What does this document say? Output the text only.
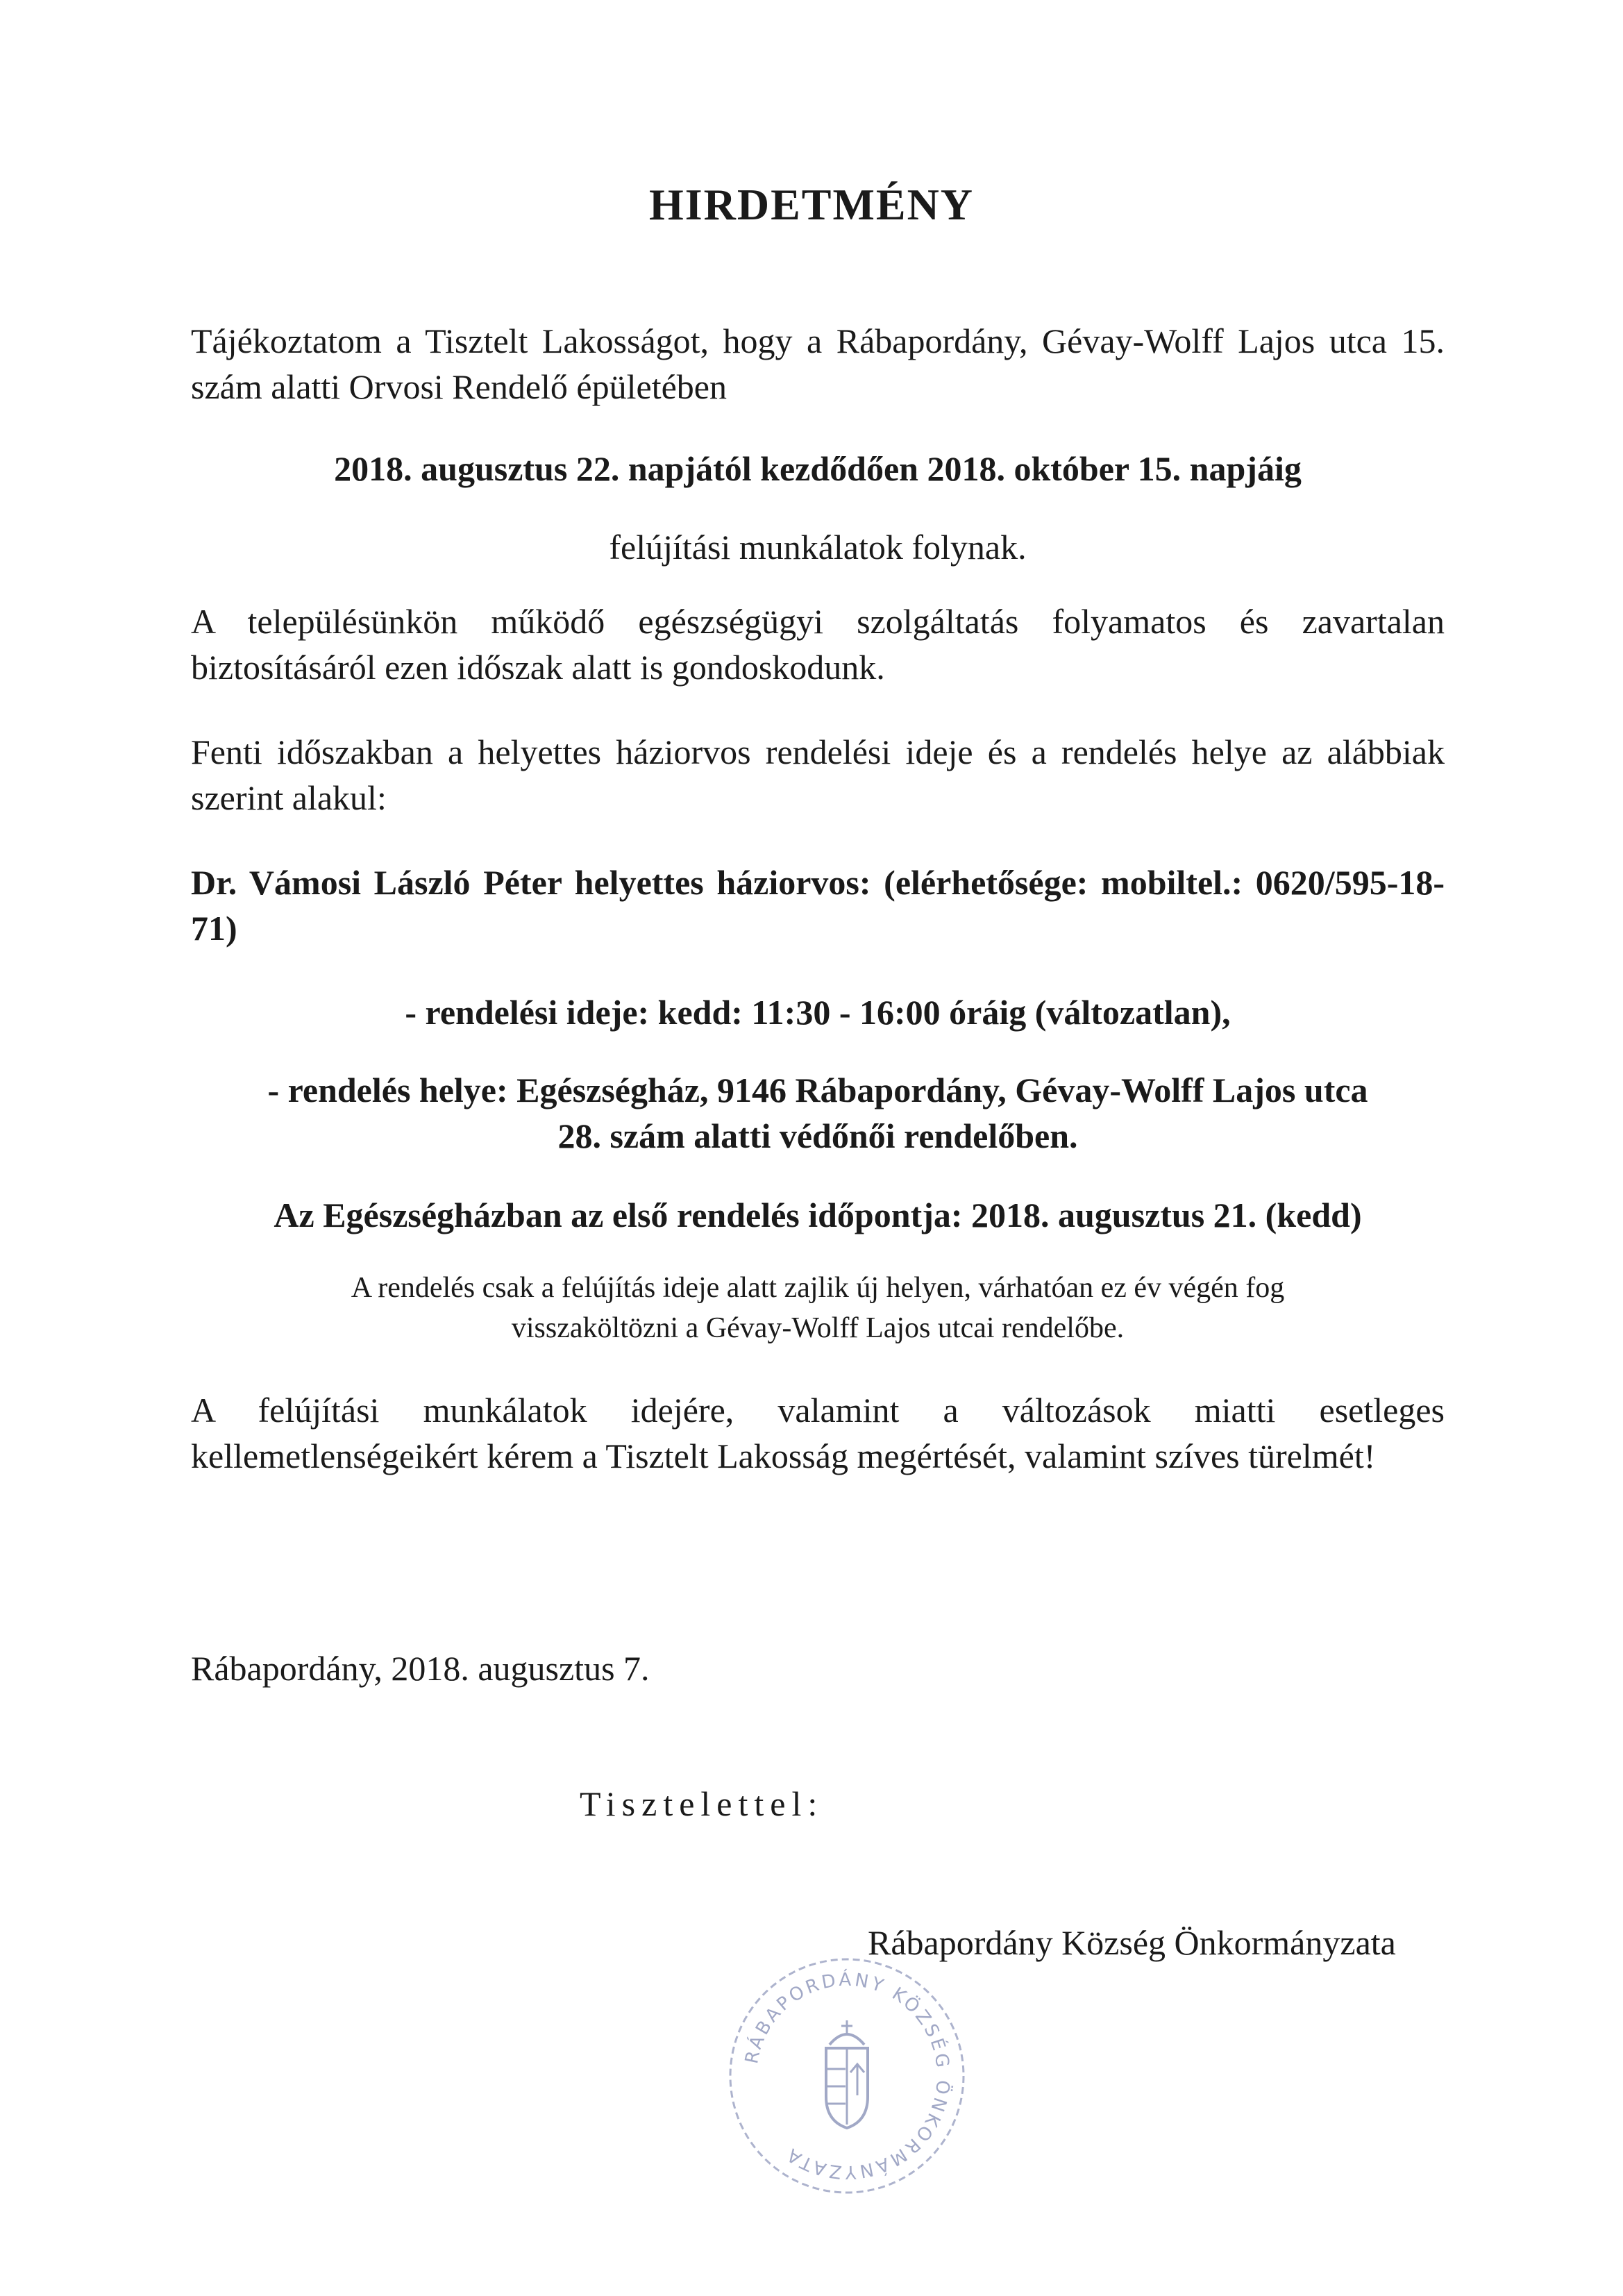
HIRDETMÉNY

Tájékoztatom a Tisztelt Lakosságot, hogy a Rábapordány, Gévay-Wolff Lajos utca 15. szám alatti Orvosi Rendelő épületében

2018. augusztus 22. napjától kezdődően 2018. október 15. napjáig

felújítási munkálatok folynak.

A településünkön működő egészségügyi szolgáltatás folyamatos és zavartalan biztosításáról ezen időszak alatt is gondoskodunk.

Fenti időszakban a helyettes háziorvos rendelési ideje és a rendelés helye az alábbiak szerint alakul:

Dr. Vámosi László Péter helyettes háziorvos: (elérhetősége: mobiltel.: 0620/595-18-71)

- rendelési ideje: kedd: 11:30 - 16:00 óráig (változatlan),

- rendelés helye: Egészségház, 9146 Rábapordány, Gévay-Wolff Lajos utca

28. szám alatti védőnői rendelőben.

Az Egészségházban az első rendelés időpontja: 2018. augusztus 21. (kedd)

A rendelés csak a felújítás ideje alatt zajlik új helyen, várhatóan ez év végén fog

visszaköltözni a Gévay-Wolff Lajos utcai rendelőbe.

A felújítási munkálatok idejére, valamint a változások miatti esetleges kellemetlenségeikért kérem a Tisztelt Lakosság megértését, valamint szíves türelmét!

Rábapordány, 2018. augusztus 7.

Tisztelettel:

Rábapordány Község Önkormányzata

RÁBAPORDÁNY KÖZSÉG ÖNKORMÁNYZATA
